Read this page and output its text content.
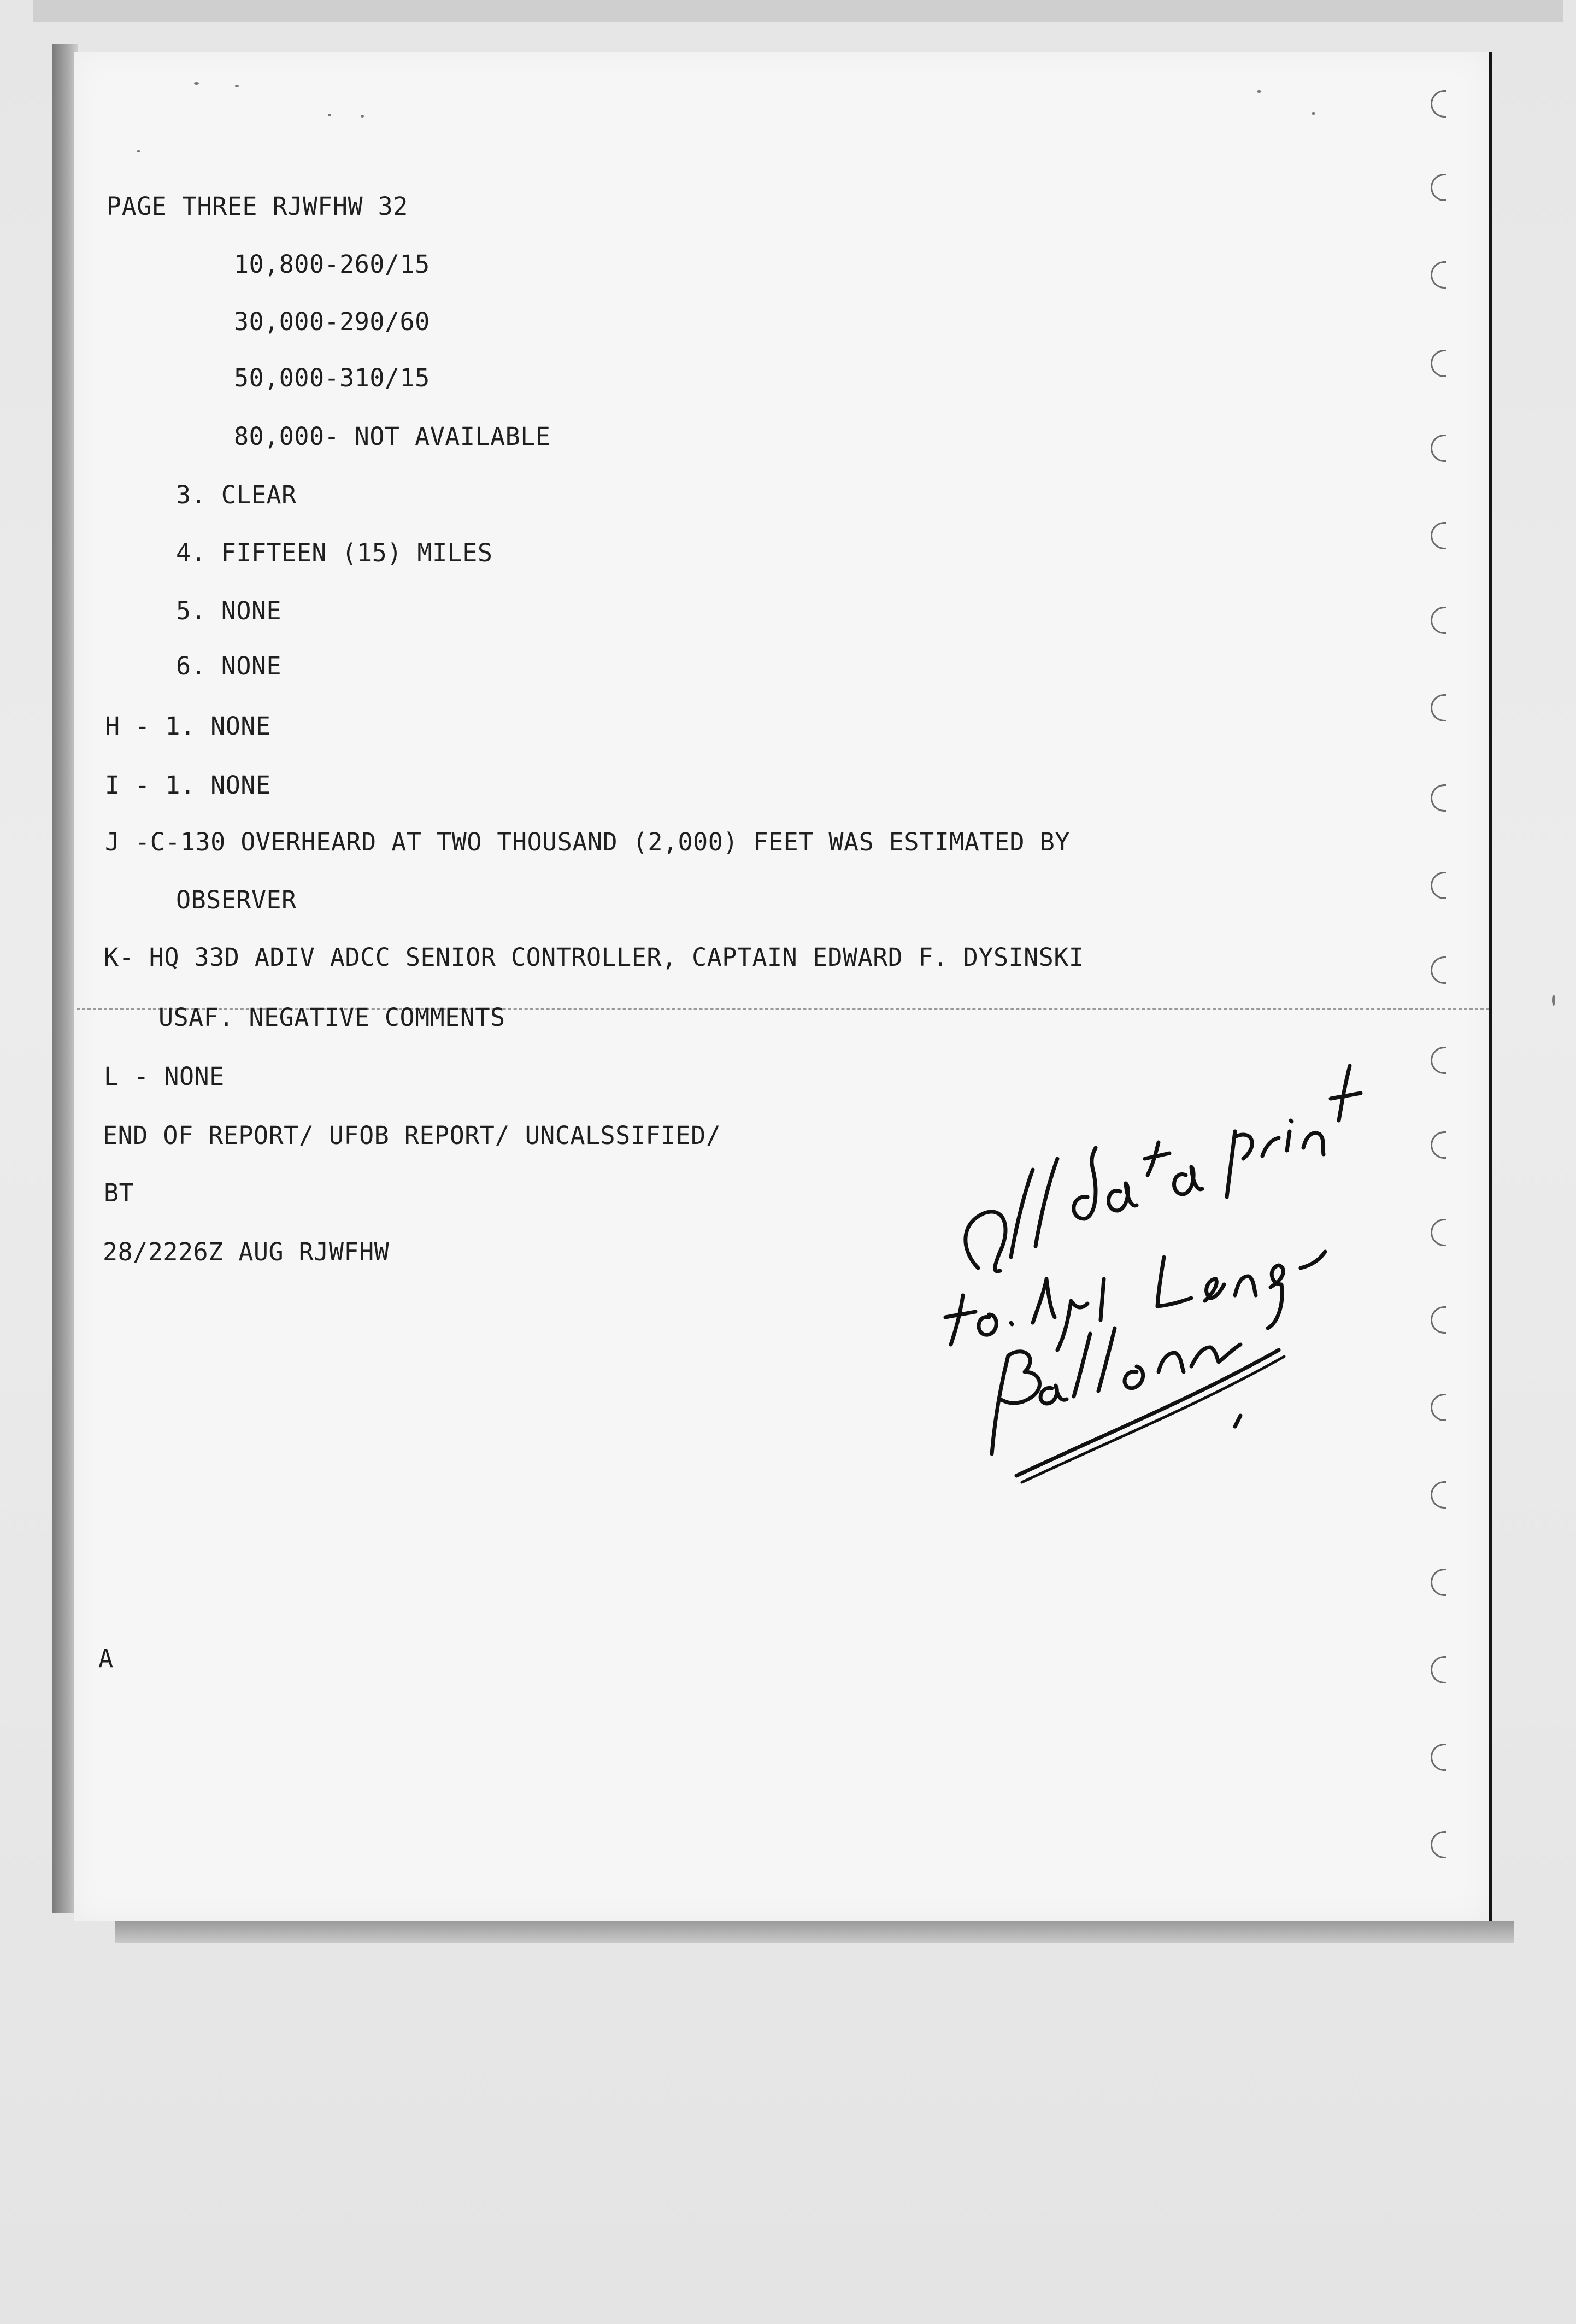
PAGE THREE RJWFHW 32
10,800-260/15
30,000-290/60
50,000-310/15
80,000- NOT AVAILABLE
3. CLEAR
4. FIFTEEN (15) MILES
5. NONE
6. NONE
H - 1. NONE
I - 1. NONE
J -C-130 OVERHEARD AT TWO THOUSAND (2,000) FEET WAS ESTIMATED BY
OBSERVER
K- HQ 33D ADIV ADCC SENIOR CONTROLLER, CAPTAIN EDWARD F. DYSINSKI
USAF. NEGATIVE COMMENTS
L - NONE
END OF REPORT/ UFOB REPORT/ UNCALSSIFIED/
BT
28/2226Z AUG RJWFHW
A
